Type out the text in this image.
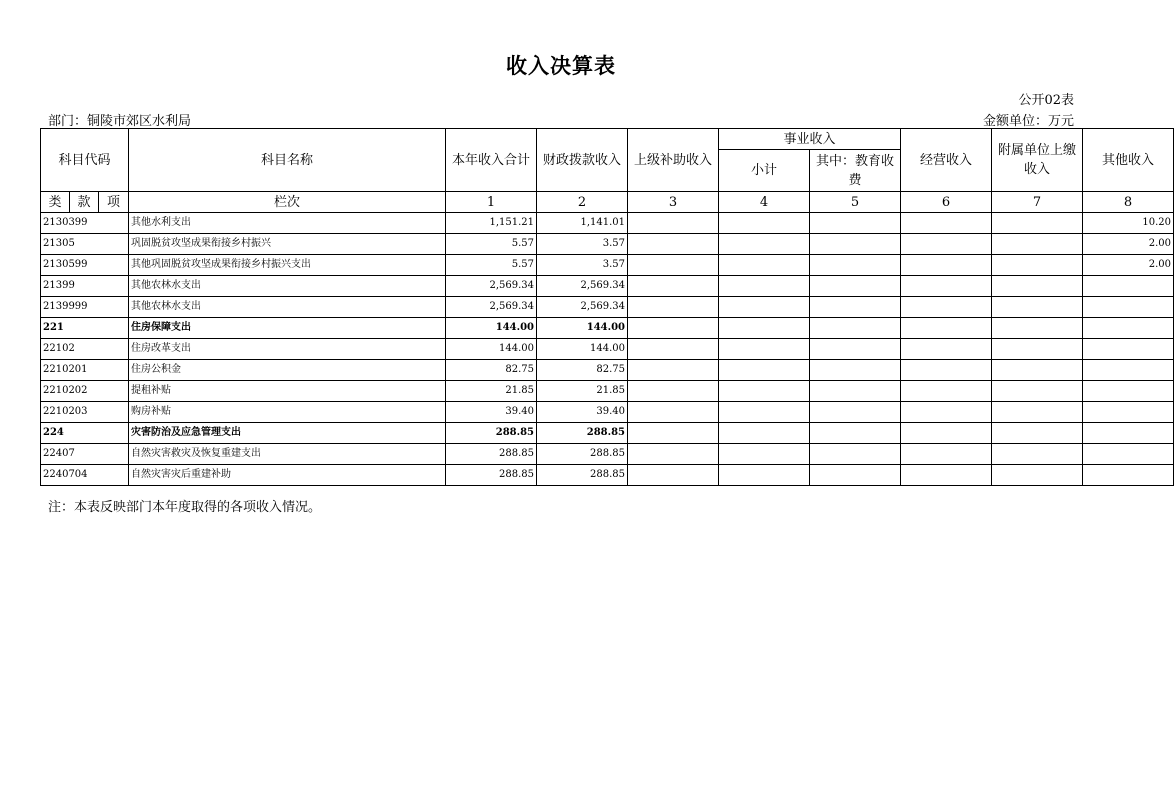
收入决算表
公开02表
部门：铜陵市郊区水利局	金额单位：万元
科目代码			科目名称	本年收入合计	财政拨款收入	上级补助收入	事业收入		经营收入	附属单位上缴收入	其他收入
							小计	其中：教育收费			
类	款	项	栏次	1	2	3	4	5	6	7	8
2130399			其他水利支出	1,151.21	1,141.01						10.20
21305			巩固脱贫攻坚成果衔接乡村振兴	5.57	3.57						2.00
2130599			其他巩固脱贫攻坚成果衔接乡村振兴支出	5.57	3.57						2.00
21399			其他农林水支出	2,569.34	2,569.34						
2139999			其他农林水支出	2,569.34	2,569.34						
221			住房保障支出	144.00	144.00						
22102			住房改革支出	144.00	144.00						
2210201			住房公积金	82.75	82.75						
2210202			提租补贴	21.85	21.85						
2210203			购房补贴	39.40	39.40						
224			灾害防治及应急管理支出	288.85	288.85						
22407			自然灾害救灾及恢复重建支出	288.85	288.85						
2240704			自然灾害灾后重建补助	288.85	288.85						
注：本表反映部门本年度取得的各项收入情况。
